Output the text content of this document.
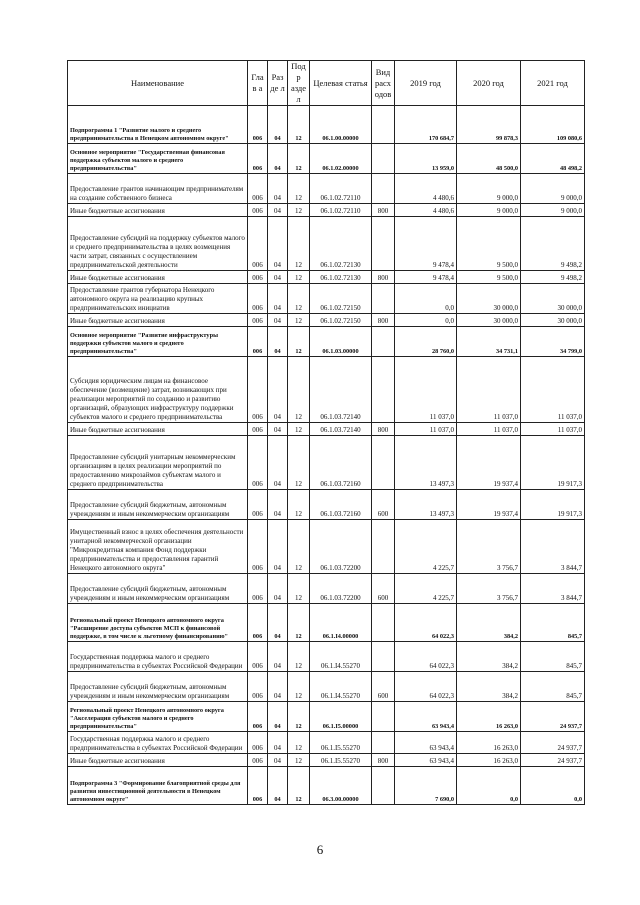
Наименование	Глав а	Разде л	Подр аздел	Целевая статья	Вид расх одов	2019 год	2020 год	2021 год
Подпрограмма 1 "Развитие малого и среднего предпринимательства в Ненецком автономном округе"	006	04	12	06.1.00.00000		170 684,7	99 878,3	109 080,6
Основное мероприятие "Государственная финансовая поддержка субъектов малого и среднего предпринимательства"	006	04	12	06.1.02.00000		13 959,0	48 500,0	48 498,2
Предоставление грантов начинающим предпринимателям на создание собственного бизнеса	006	04	12	06.1.02.72110		4 480,6	9 000,0	9 000,0
Иные бюджетные ассигнования	006	04	12	06.1.02.72110	800	4 480,6	9 000,0	9 000,0
Предоставление субсидий на поддержку субъектов малого и среднего предпринимательства в целях возмещения части затрат, связанных с осуществлением предпринимательской деятельности	006	04	12	06.1.02.72130		9 478,4	9 500,0	9 498,2
Иные бюджетные ассигнования	006	04	12	06.1.02.72130	800	9 478,4	9 500,0	9 498,2
Предоставление грантов губернатора Ненецкого автономного округа на реализацию крупных предпринимательских инициатив	006	04	12	06.1.02.72150		0,0	30 000,0	30 000,0
Иные бюджетные ассигнования	006	04	12	06.1.02.72150	800	0,0	30 000,0	30 000,0
Основное мероприятие "Развитие инфраструктуры поддержки субъектов малого и среднего предпринимательства"	006	04	12	06.1.03.00000		28 760,0	34 731,1	34 799,0
Субсидия юридическим лицам на финансовое обеспечение (возмещение) затрат, возникающих при реализации мероприятий по созданию и развитию организаций, образующих инфраструктуру поддержки субъектов малого и среднего предпринимательства	006	04	12	06.1.03.72140		11 037,0	11 037,0	11 037,0
Иные бюджетные ассигнования	006	04	12	06.1.03.72140	800	11 037,0	11 037,0	11 037,0
Предоставление субсидий унитарным некоммерческим организациям в целях реализации мероприятий по предоставлению микрозаймов субъектам малого и среднего предпринимательства	006	04	12	06.1.03.72160		13 497,3	19 937,4	19 917,3
Предоставление субсидий бюджетным, автономным учреждениям и иным некоммерческим организациям	006	04	12	06.1.03.72160	600	13 497,3	19 937,4	19 917,3
Имущественный взнос в целях обеспечения деятельности унитарной некоммерческой организации "Микрокредитная компания Фонд поддержки предпринимательства и предоставления гарантий Ненецкого автономного округа"	006	04	12	06.1.03.72200		4 225,7	3 756,7	3 844,7
Предоставление субсидий бюджетным, автономным учреждениям и иным некоммерческим организациям	006	04	12	06.1.03.72200	600	4 225,7	3 756,7	3 844,7
Региональный проект Ненецкого автономного округа "Расширение доступа субъектов МСП к финансовой поддержке, в том числе к льготному финансированию"	006	04	12	06.1.I4.00000		64 022,3	384,2	845,7
Государственная поддержка малого и среднего предпринимательства в субъектах Российской Федерации	006	04	12	06.1.I4.55270		64 022,3	384,2	845,7
Предоставление субсидий бюджетным, автономным учреждениям и иным некоммерческим организациям	006	04	12	06.1.I4.55270	600	64 022,3	384,2	845,7
Региональный проект Ненецкого автономного округа "Акселерация субъектов малого и среднего предпринимательства"	006	04	12	06.1.I5.00000		63 943,4	16 263,0	24 937,7
Государственная поддержка малого и среднего предпринимательства в субъектах Российской Федерации	006	04	12	06.1.I5.55270		63 943,4	16 263,0	24 937,7
Иные бюджетные ассигнования	006	04	12	06.1.I5.55270	800	63 943,4	16 263,0	24 937,7
Подпрограмма 3 "Формирование благоприятной среды для развития инвестиционной деятельности в Ненецком автономном округе"	006	04	12	06.3.00.00000		7 690,0	0,0	0,0
6
